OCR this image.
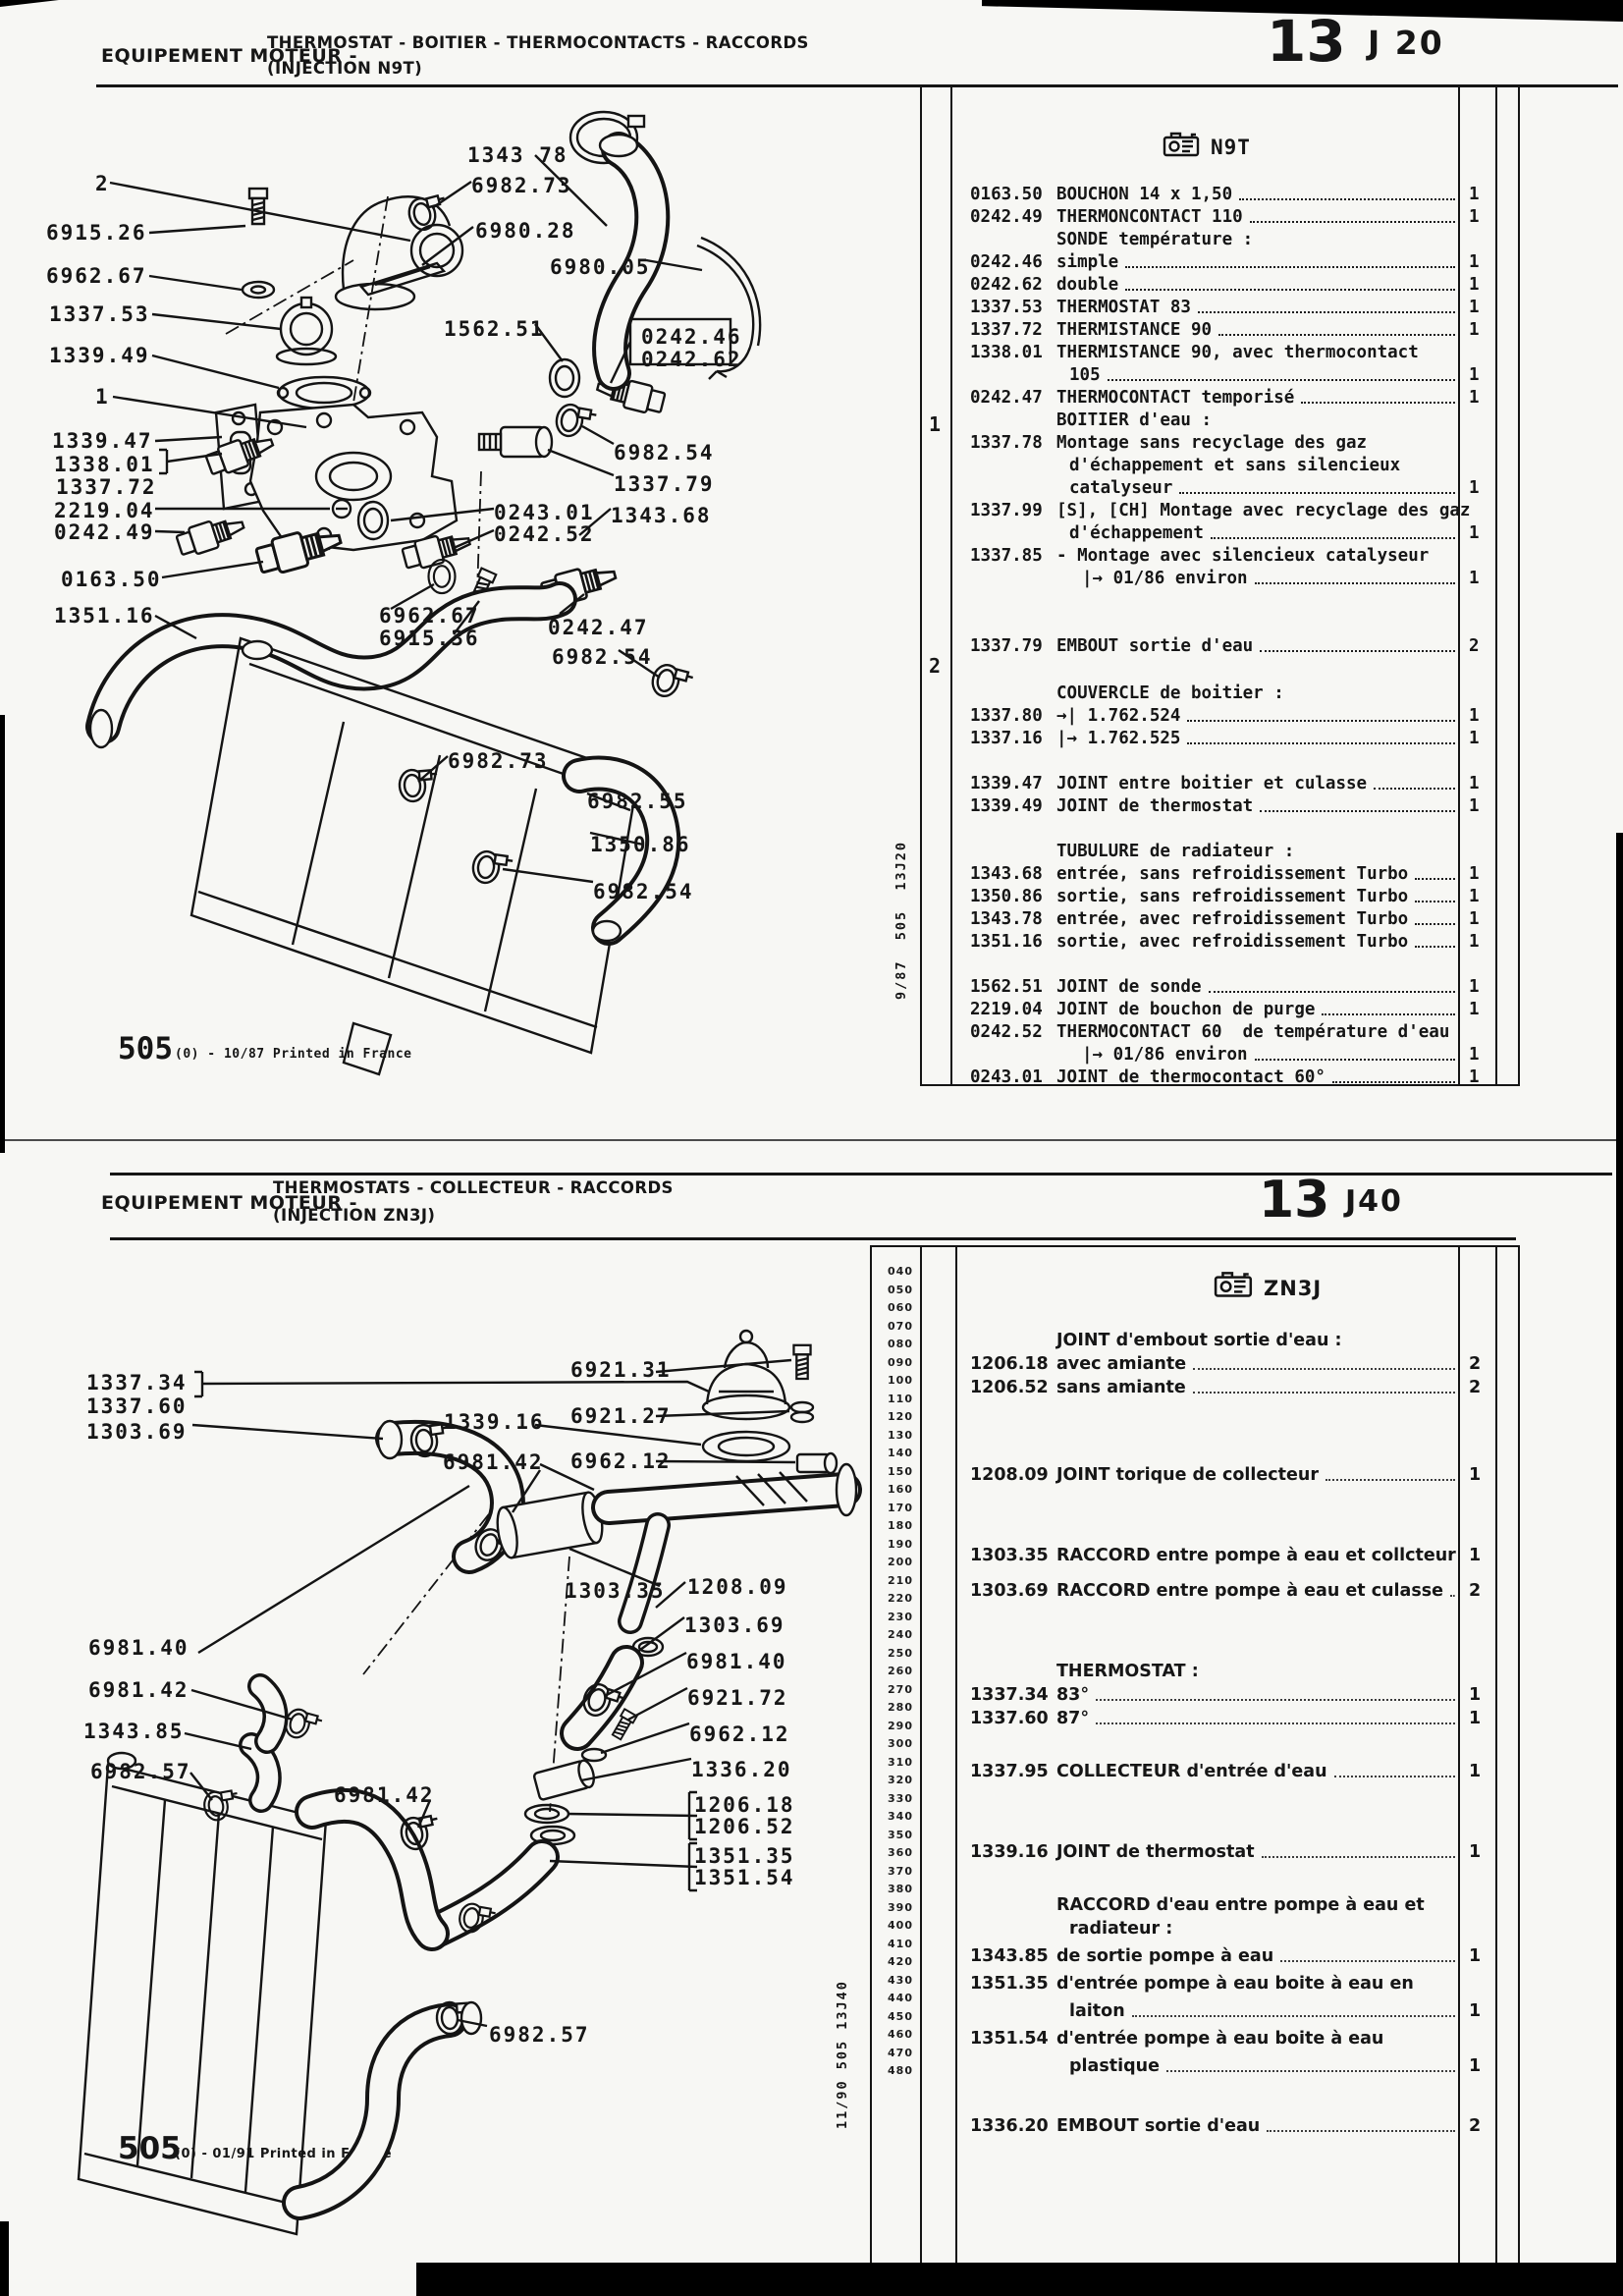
EQUIPEMENT MOTEUR -
THERMOSTAT - BOITIER - THERMOCONTACTS - RACCORDS
(INJECTION N9T)	13 J 20
N9T
0163.50 BOUCHON 14 x 1,50	1
0242.49 THERMONCONTACT 110	1
SONDE température :
0242.46 simple	1
0242.62 double	1
1337.53 THERMOSTAT 83	1
1337.72 THERMISTANCE 90	1
1338.01 THERMISTANCE 90, avec thermocontact
105	1
0242.47 THERMOCONTACT temporisé	1
BOITIER d'eau :
1337.78 Montage sans recyclage des gaz
d'échappement et sans silencieux
catalyseur	1
1337.99 [S], [CH] Montage avec recyclage des gaz
d'échappement	1
1337.85 - Montage avec silencieux catalyseur
|→ 01/86 environ	1
1337.79 EMBOUT sortie d'eau	2
COUVERCLE de boitier :
1337.80 →| 1.762.524	1
1337.16 |→ 1.762.525	1
1339.47 JOINT entre boitier et culasse	1
1339.49 JOINT de thermostat	1
TUBULURE de radiateur :
1343.68 entrée, sans refroidissement Turbo	1
1350.86 sortie, sans refroidissement Turbo	1
1343.78 entrée, avec refroidissement Turbo	1
1351.16 sortie, avec refroidissement Turbo	1
1562.51 JOINT de sonde	1
2219.04 JOINT de bouchon de purge	1
0242.52 THERMOCONTACT 60  de température d'eau
|→ 01/86 environ	1
0243.01 JOINT de thermocontact 60°	1
1
2
9/87  505  13J20
505 (0) - 10/87 Printed in France
2
6915.26
6962.67
1337.53
1339.49
1
1339.47
1338.01
1337.72
2219.04
0242.49
0163.50
1351.16
1343 78
6982.73
6980.28
6980.05
1562.51	0242.46
0242.62
6982.54
1337.79
1343.68
0243.01
0242.52
6962.67
6915.36	0242.47
6982.54
6982.73
6982.55
1350.86
6982.54
EQUIPEMENT MOTEUR -
THERMOSTATS - COLLECTEUR - RACCORDS
(INJECTION ZN3J)	13 J40
ZN3J
040
050
060
070
080
090
100
110
120
130
140
150
160
170
180
190
200
210
220
230
240
250
260
270
280
290
300
310
320
330
340
350
360
370
380
390
400
410
420
430
440
450
460
470
480
JOINT d'embout sortie d'eau :
1206.18 avec amiante	2
1206.52 sans amiante	2
1208.09 JOINT torique de collecteur	1
1303.35 RACCORD entre pompe à eau et collcteur 1
1303.69 RACCORD entre pompe à eau et culasse 2
THERMOSTAT :
1337.34 83°	1
1337.60 87°	1
1337.95 COLLECTEUR d'entrée d'eau	1
1339.16 JOINT de thermostat	1
RACCORD d'eau entre pompe à eau et
radiateur :
1343.85 de sortie pompe à eau	1
1351.35 d'entrée pompe à eau boite à eau en
laiton	1
1351.54 d'entrée pompe à eau boite à eau
plastique	1
1336.20 EMBOUT sortie d'eau	2
11/90 505 13J40
505
(0) - 01/91 Printed in France
1337.34
1337.60
1303.69	1339.16
6921.31
6921.27
6981.42 6962.12
1303.35 1208.09
1303.69
6981.40
6981.40
6921.72
6962.12
1336.20
6981.42
1343.85
6982.57
6981.42	1206.18
1206.52
1351.35
1351.54
6982.57
